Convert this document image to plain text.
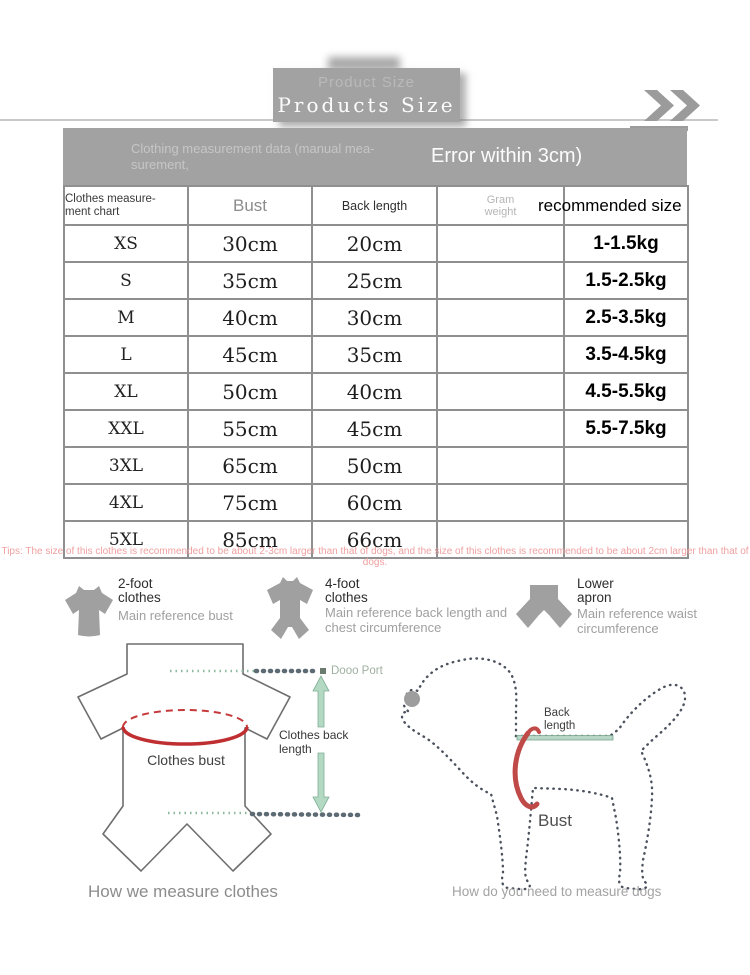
Product Size
Products Size
Clothing measurement data (manual mea-
surement,	Error within 3cm)
Clothes measure-
ment chart	Bust	Back length	Gram
weight	recommended size
XS	30cm	20cm		1-1.5kg
S	35cm	25cm		1.5-2.5kg
M	40cm	30cm		2.5-3.5kg
L	45cm	35cm		3.5-4.5kg
XL	50cm	40cm		4.5-5.5kg
XXL	55cm	45cm		5.5-7.5kg
3XL	65cm	50cm		
4XL	75cm	60cm		
5XL	85cm	66cm		
Tips: The size of this clothes is recommended to be about 2-3cm larger than that of dogs, and the size of this clothes is recommended to be about 2cm larger than that of dogs.
2-foot
clothes
Main reference bust
4-foot
clothes
Main reference back length and
chest circumference
Lower
apron
Main reference waist
circumference
Dooo Port
Clothes back
length
Clothes bust
How we measure clothes
Back
length
Bust
How do you need to measure dogs
